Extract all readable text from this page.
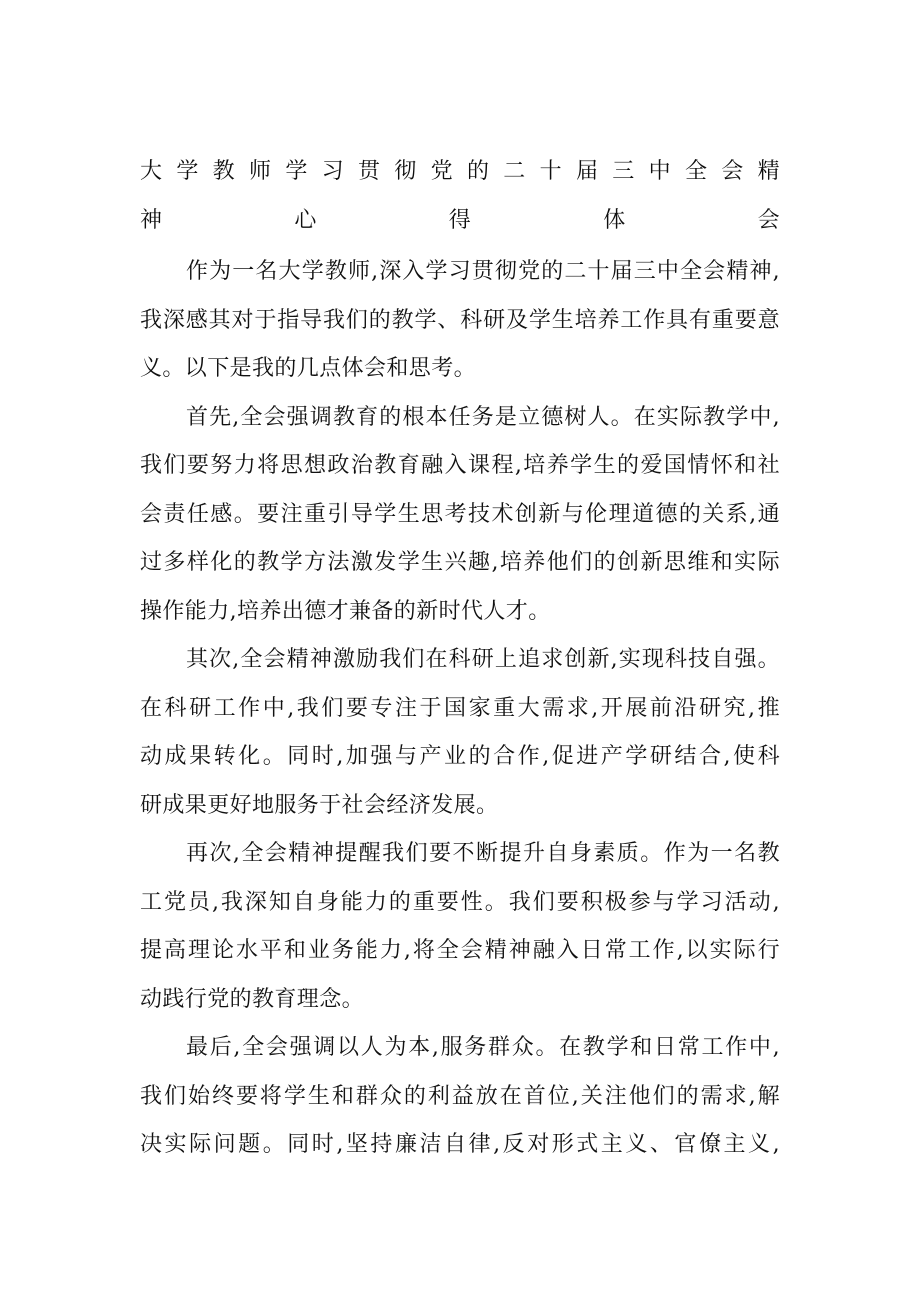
大学教师学习贯彻党的二十届三中全会精
神心得体会
作为一名大学教师,深入学习贯彻党的二十届三中全会精神,
我深感其对于指导我们的教学、科研及学生培养工作具有重要意
义。以下是我的几点体会和思考。
首先,全会强调教育的根本任务是立德树人。在实际教学中,
我们要努力将思想政治教育融入课程,培养学生的爱国情怀和社
会责任感。要注重引导学生思考技术创新与伦理道德的关系,通
过多样化的教学方法激发学生兴趣,培养他们的创新思维和实际
操作能力,培养出德才兼备的新时代人才。
其次,全会精神激励我们在科研上追求创新,实现科技自强。
在科研工作中,我们要专注于国家重大需求,开展前沿研究,推
动成果转化。同时,加强与产业的合作,促进产学研结合,使科
研成果更好地服务于社会经济发展。
再次,全会精神提醒我们要不断提升自身素质。作为一名教
工党员,我深知自身能力的重要性。我们要积极参与学习活动,
提高理论水平和业务能力,将全会精神融入日常工作,以实际行
动践行党的教育理念。
最后,全会强调以人为本,服务群众。在教学和日常工作中,
我们始终要将学生和群众的利益放在首位,关注他们的需求,解
决实际问题。同时,坚持廉洁自律,反对形式主义、官僚主义,
